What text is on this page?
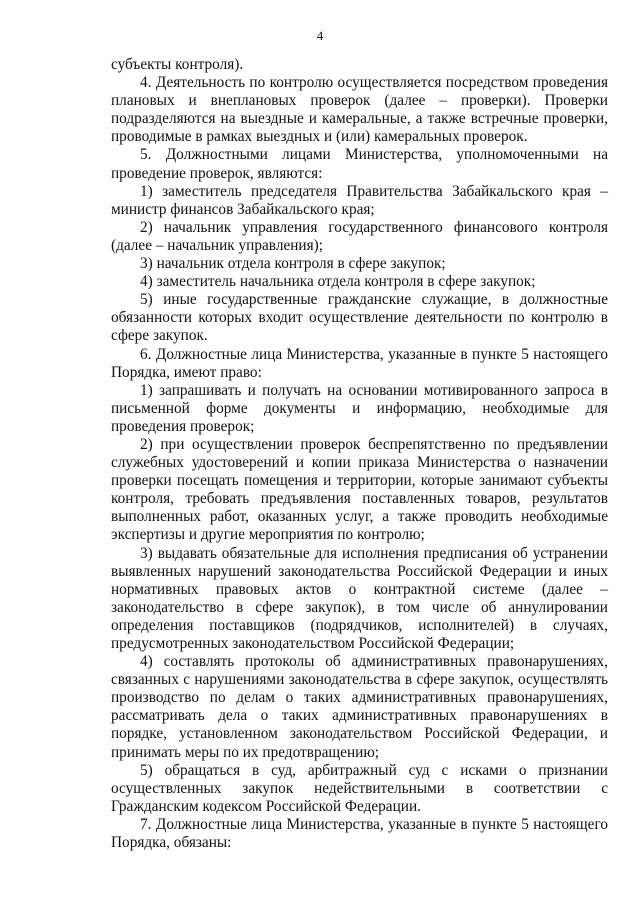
4

субъекты контроля).

4. Деятельность по контролю осуществляется посредством проведения плановых и внеплановых проверок (далее – проверки). Проверки подразделяются на выездные и камеральные, а также встречные проверки, проводимые в рамках выездных и (или) камеральных проверок.

5. Должностными лицами Министерства, уполномоченными на проведение проверок, являются:

1) заместитель председателя Правительства Забайкальского края – министр финансов Забайкальского края;

2) начальник управления государственного финансового контроля (далее – начальник управления);

3) начальник отдела контроля в сфере закупок;

4) заместитель начальника отдела контроля в сфере закупок;

5) иные государственные гражданские служащие, в должностные обязанности которых входит осуществление деятельности по контролю в сфере закупок.

6. Должностные лица Министерства, указанные в пункте 5 настоящего Порядка, имеют право:

1) запрашивать и получать на основании мотивированного запроса в письменной форме документы и информацию, необходимые для проведения проверок;

2) при осуществлении проверок беспрепятственно по предъявлении служебных удостоверений и копии приказа Министерства о назначении проверки посещать помещения и территории, которые занимают субъекты контроля, требовать предъявления поставленных товаров, результатов выполненных работ, оказанных услуг, а также проводить необходимые экспертизы и другие мероприятия по контролю;

3) выдавать обязательные для исполнения предписания об устранении выявленных нарушений законодательства Российской Федерации и иных нормативных правовых актов о контрактной системе (далее – законодательство в сфере закупок), в том числе об аннулировании определения поставщиков (подрядчиков, исполнителей) в случаях, предусмотренных законодательством Российской Федерации;

4) составлять протоколы об административных правонарушениях, связанных с нарушениями законодательства в сфере закупок, осуществлять производство по делам о таких административных правонарушениях, рассматривать дела о таких административных правонарушениях в порядке, установленном законодательством Российской Федерации, и принимать меры по их предотвращению;

5) обращаться в суд, арбитражный суд с исками о признании осуществленных закупок недействительными в соответствии с Гражданским кодексом Российской Федерации.

7. Должностные лица Министерства, указанные в пункте 5 настоящего Порядка, обязаны:
